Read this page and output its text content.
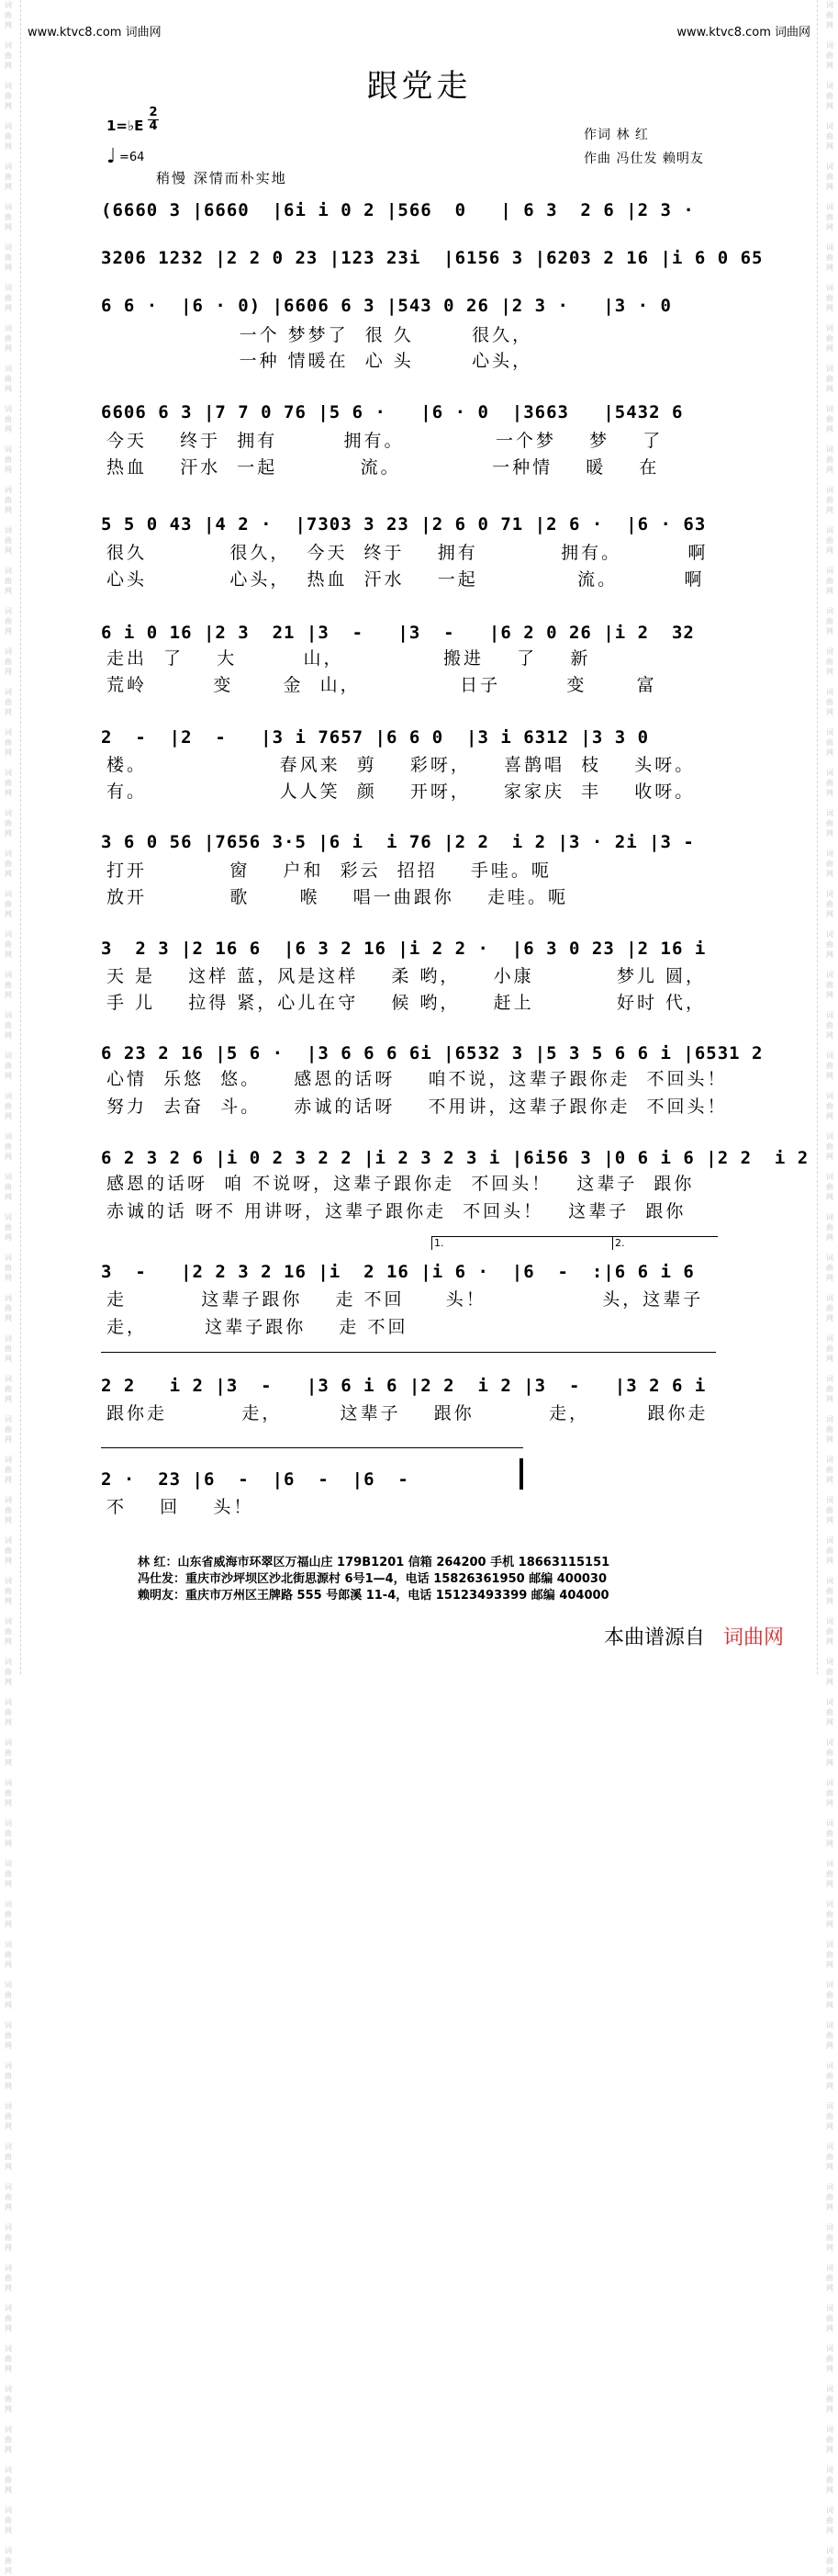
词
曲
网

词
曲
网

词
曲
网

词
曲
网

词
曲
网

词
曲
网

词
曲
网

词
曲
网

词
曲
网

词
曲
网

词
曲
网

词
曲
网

词
曲
网

词
曲
网

词
曲
网

词
曲
网

词
曲
网

词
曲
网

词
曲
网

词
曲
网

词
曲
网

词
曲
网

词
曲
网

词
曲
网

词
曲
网

词
曲
网

词
曲
网

词
曲
网

词
曲
网

词
曲
网

词
曲
网

词
曲
网

词
曲
网

词
曲
网

词
曲
网

词
曲
网

词
曲
网

词
曲
网

词
曲
网

词
曲
网

词
曲
网

词
曲
网

词
曲
网

词
曲
网

词
曲
网

词
曲
网

词
曲
网

词
曲
网

词
曲
网

词
曲
网

词
曲
网

词
曲
网

词
曲
网

词
曲
网

词
曲
网

词
曲
网

词
曲
网

词
曲
网

词
曲
网

词
曲
网

词
曲
网

词
曲
网

词
曲
网

词
曲
网
词
曲
网

词
曲
网

词
曲
网

词
曲
网

词
曲
网

词
曲
网

词
曲
网

词
曲
网

词
曲
网

词
曲
网

词
曲
网

词
曲
网

词
曲
网

词
曲
网

词
曲
网

词
曲
网

词
曲
网

词
曲
网

词
曲
网

词
曲
网

词
曲
网

词
曲
网

词
曲
网

词
曲
网

词
曲
网

词
曲
网

词
曲
网

词
曲
网

词
曲
网

词
曲
网

词
曲
网

词
曲
网

词
曲
网

词
曲
网

词
曲
网

词
曲
网

词
曲
网

词
曲
网

词
曲
网

词
曲
网

词
曲
网

词
曲
网

词
曲
网

词
曲
网

词
曲
网

词
曲
网

词
曲
网

词
曲
网

词
曲
网

词
曲
网

词
曲
网

词
曲
网

词
曲
网

词
曲
网

词
曲
网

词
曲
网

词
曲
网

词
曲
网

词
曲
网

词
曲
网

词
曲
网

词
曲
网

词
曲
网

词
曲
网
www.ktvc8.com 词曲网	www.ktvc8.com 词曲网
跟党走
1=♭E
2
4
♩ =64
稍慢 深情而朴实地
作词 林 红
作曲 冯仕发 赖明友
(6660 3 |6660  |6i i 0 2 |566  0   | 6 3  2 6 |2 3 ·
3206 1232 |2 2 0 23 |123 23i  |6156 3 |6203 2 16 |i 6 0 65
6 6 ·  |6 · 0) |6606 6 3 |543 0 26 |2 3 ·   |3 · 0
一个 梦梦了  很 久       很久，
一种 情暖在  心 头       心头，
6606 6 3 |7 7 0 76 |5 6 ·   |6 · 0  |3663   |5432 6
今天    终于  拥有        拥有。           一个梦    梦    了
热血    汗水  一起          流。           一种情    暖    在
5 5 0 43 |4 2 ·  |7303 3 23 |2 6 0 71 |2 6 ·  |6 · 63
很久          很久，  今天  终于    拥有          拥有。        啊
心头          心头，  热血  汗水    一起            流。        啊
6 i 0 16 |2 3  21 |3  -   |3  -   |6 2 0 26 |i 2  32
走出  了    大        山，            搬进    了    新
荒岭        变      金  山，            日子        变      富
2  -  |2  -   |3 i 7657 |6 6 0  |3 i 6312 |3 3 0
楼。                春风来  剪    彩呀，    喜鹊唱  枝    头呀。
有。                人人笑  颜    开呀，    家家庆  丰    收呀。
3 6 0 56 |7656 3·5 |6 i  i 76 |2 2  i 2 |3 · 2i |3 -
打开          窗    户和  彩云  招招    手哇。呃
放开          歌      喉    唱一曲跟你    走哇。呃
3  2 3 |2 16 6  |6 3 2 16 |i 2 2 ·  |6 3 0 23 |2 16 i
天 是    这样 蓝，风是这样    柔 哟，    小康          梦儿 圆，
手 儿    拉得 紧，心儿在守    候 哟，    赶上          好时 代，
6 23 2 16 |5 6 ·  |3 6 6 6 6i |6532 3 |5 3 5 6 6 i |6531 2
心情  乐悠  悠。    感恩的话呀    咱不说，这辈子跟你走  不回头！
努力  去奋  斗。    赤诚的话呀    不用讲，这辈子跟你走  不回头！
6 2 3 2 6 |i 0 2 3 2 2 |i 2 3 2 3 i |6i56 3 |0 6 i 6 |2 2  i 2
感恩的话呀  咱 不说呀，这辈子跟你走  不回头！   这辈子  跟你
赤诚的话 呀不 用讲呀，这辈子跟你走  不回头！   这辈子  跟你
1.	2.
3  -   |2 2 3 2 16 |i  2 16 |i 6 ·  |6  -  :|6 6 i 6
走         这辈子跟你    走 不回     头！              头，这辈子
走，       这辈子跟你    走 不回
2 2   i 2 |3  -   |3 6 i 6 |2 2  i 2 |3  -   |3 2 6 i
跟你走         走，       这辈子    跟你         走，       跟你走
2 ·  23 |6  -  |6  -  |6  -
不    回    头！
林 红：山东省威海市环翠区万福山庄 179B1201 信箱 264200 手机 18663115151
冯仕发：重庆市沙坪坝区沙北街思源村 6号1—4，电话 15826361950 邮编 400030
赖明友：重庆市万州区王牌路 555 号郎溪 11-4，电话 15123493399 邮编 404000
本曲谱源自 词曲网
